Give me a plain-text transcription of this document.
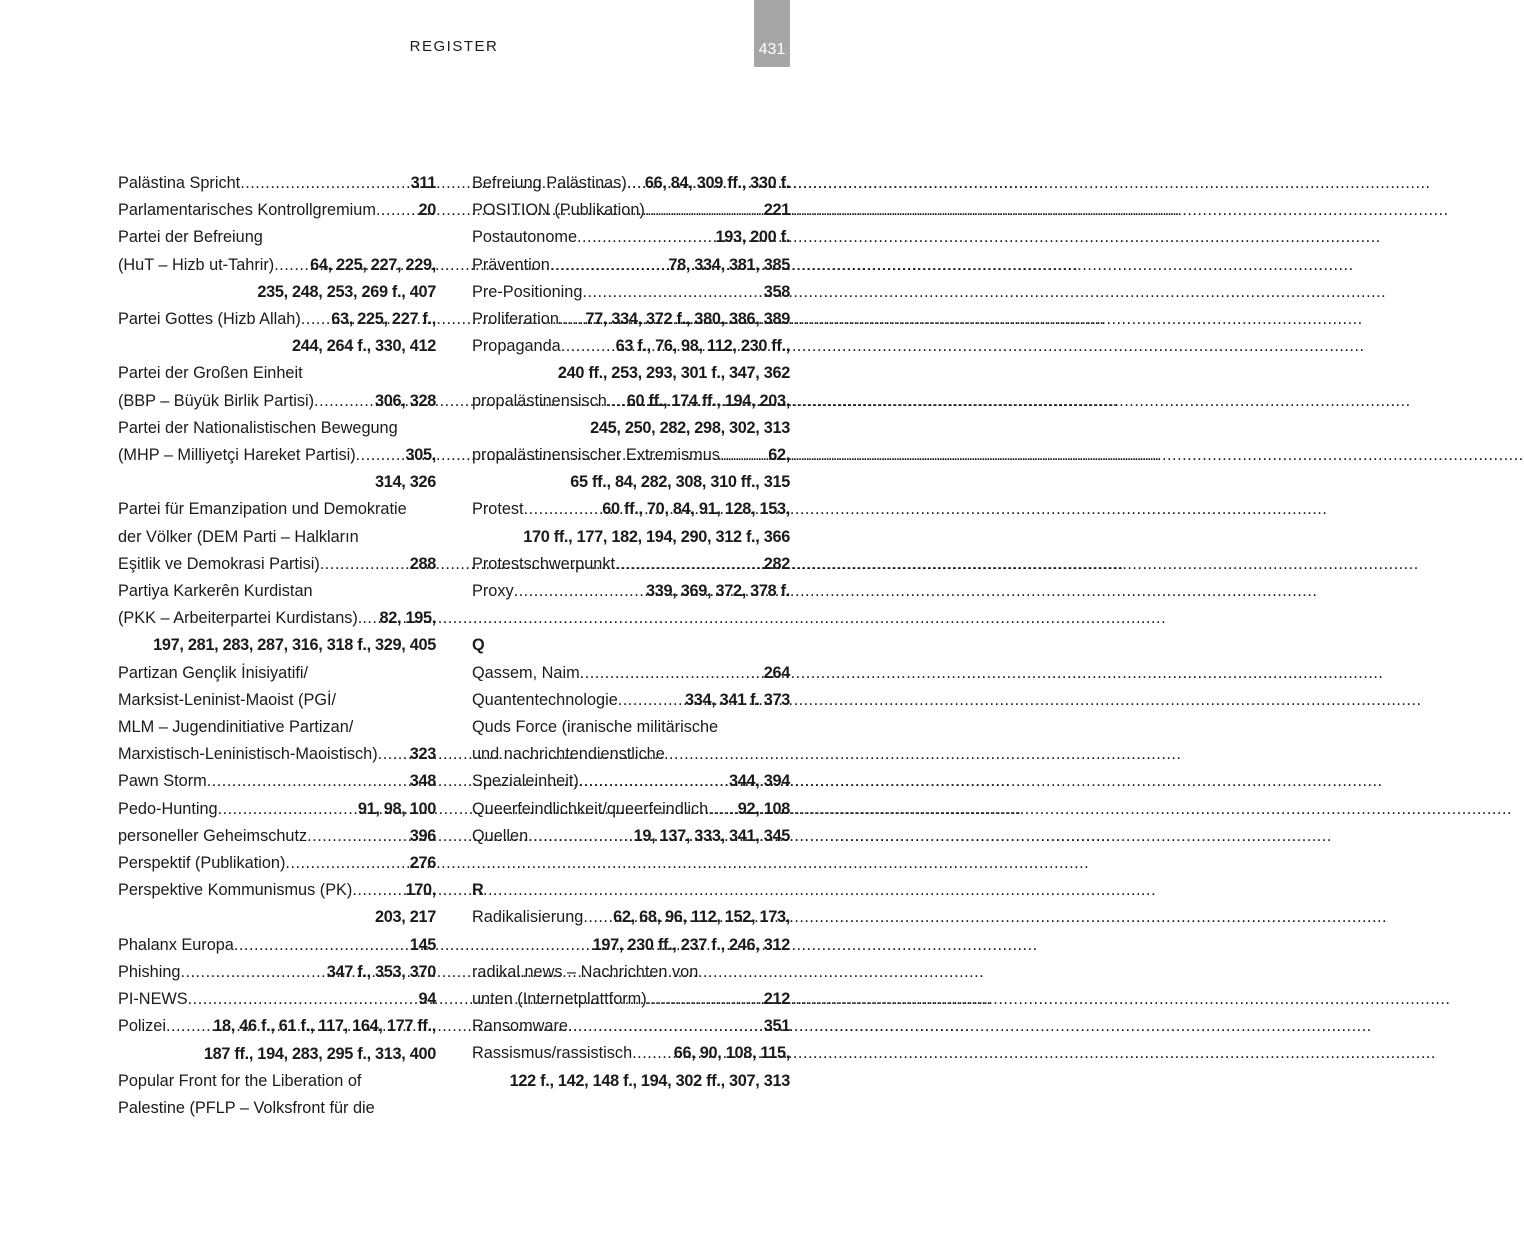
REGISTER	431
Palästina Spricht .....	311
Parlamentarisches Kontrollgremium .....	20
Partei der Befreiung
(HuT – Hizb ut-Tahrir) ..... 64, 225, 227, 229,
235, 248, 253, 269 f., 407
Partei Gottes (Hizb Allah) ..... 63, 225, 227 f.,
244, 264 f., 330, 412
Partei der Großen Einheit
(BBP – Büyük Birlik Partisi) .....	306, 328
Partei der Nationalistischen Bewegung
(MHP – Milliyetçi Hareket Partisi) .....	305,
314, 326
Partei für Emanzipation und Demokratie
der Völker (DEM Parti – Halkların
Eşitlik ve Demokrasi Partisi) .....	288
Partiya Karkerên Kurdistan
(PKK – Arbeiterpartei Kurdistans). ..... 82, 195,
197, 281, 283, 287, 316, 318 f., 329, 405
Partizan Gençlik İnisiyatifi/
Marksist-Leninist-Maoist (PGİ/
MLM – Jugendinitiative Partizan/
Marxistisch-Leninistisch-Maoistisch) ..... 323
Pawn Storm .....	348
Pedo-Hunting .....	91, 98, 100
personeller Geheimschutz .....	396
Perspektif (Publikation) .....	276
Perspektive Kommunismus (PK) .....	170,
203, 217
Phalanx Europa .....	145
Phishing .....	347 f., 353, 370
PI-NEWS .....	94
Polizei .....	18, 46 f., 61 f., 117, 164, 177 ff.,
187 ff., 194, 283, 295 f., 313, 400
Popular Front for the Liberation of
Palestine (PFLP – Volksfront für die
Befreiung Palästinas) ..... 66, 84, 309 ff., 330 f.
POSITION (Publikation) .....	221
Postautonome .....	193, 200 f.
Prävention .....	78, 334, 381, 385
Pre-Positioning .....	358
Proliferation ..... 77, 334, 372 f., 380, 386, 389
Propaganda .....	63 f., 76, 98, 112, 230 ff.,
240 ff., 253, 293, 301 f., 347, 362
propalästinensisch ..... 60 ff., 174 ff., 194, 203,
245, 250, 282, 298, 302, 313
propalästinensischer Extremismus .....	62,
65 ff., 84, 282, 308, 310 ff., 315
Protest .....	60 ff., 70, 84, 91, 128, 153,
170 ff., 177, 182, 194, 290, 312 f., 366
Protestschwerpunkt .....	282
Proxy .....	339, 369, 372, 378 f.
Q
Qassem, Naim .....	264
Quantentechnologie .....	334, 341 f. 373
Quds Force (iranische militärische
und nachrichtendienstliche
Spezialeinheit) .....	344, 394
Queerfeindlichkeit/queerfeindlich ..... 92, 108
Quellen .....	19, 137, 333, 341, 345
R
Radikalisierung ..... 62, 68, 96, 112, 152, 173,
197, 230 ff., 237 f., 246, 312
radikal.news – Nachrichten von
unten (Internetplattform) .....	212
Ransomware .....	351
Rassismus/rassistisch .....	66, 90, 108, 115,
122 f., 142, 148 f., 194, 302 ff., 307, 313
